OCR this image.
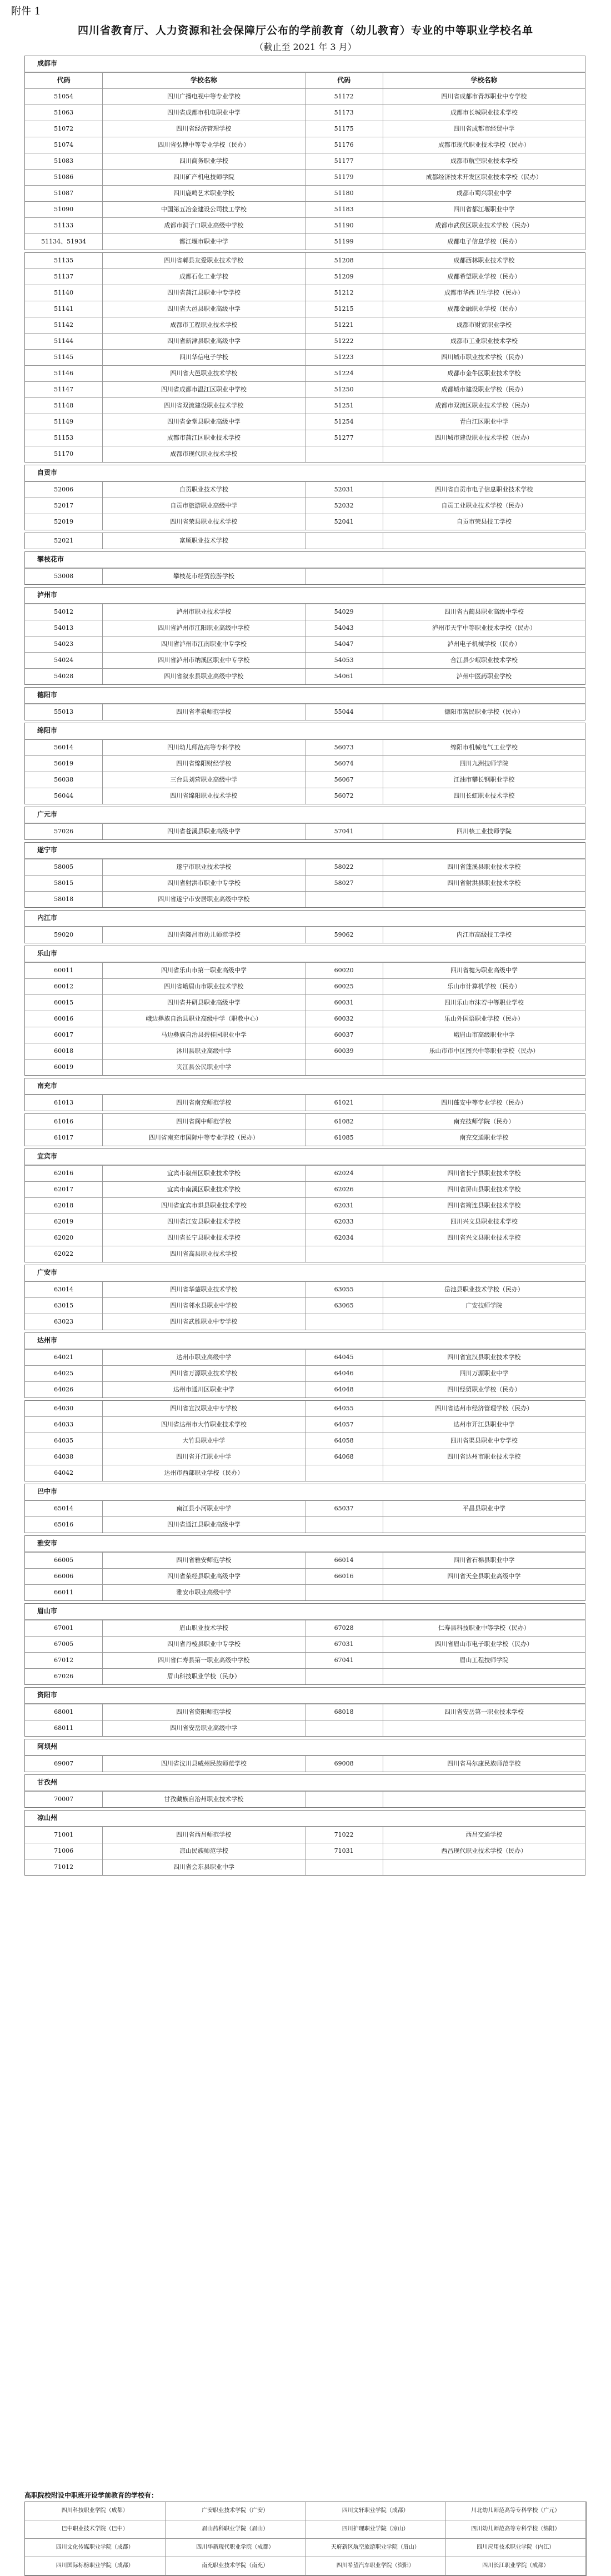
附件 1
四川省教育厅、人力资源和社会保障厅公布的学前教育（幼儿教育）专业的中等职业学校名单
（截止至 2021 年 3 月）
成都市
代码	学校名称	代码	学校名称
51054	四川广播电视中等专业学校	51172	四川省成都市青苏职业中专学校
51063	四川省成都市机电职业中学	51173	成都市长城职业技术学校
51072	四川省经济管理学校	51175	四川省成都市经贸中学
51074	四川省弘博中等专业学校（民办）	51176	成都市现代职业技术学校（民办）
51083	四川商务职业学校	51177	成都市航空职业技术学校
51086	四川矿产机电技师学院	51179	成都经济技术开发区职业技术学校（民办）
51087	四川鹿鸣艺术职业学校	51180	成都市蜀兴职业中学
51090	中国第五冶金建设公司技工学校	51183	四川省都江堰职业中学
51133	成都市洞子口职业高级中学校	51190	成都市武侯区职业技术学校（民办）
51134、51934	都江堰市职业中学	51199	成都电子信息学校（民办）
51135	四川省郫县友爱职业技术学校	51208	成都西林职业技术学校
51137	成都石化工业学校	51209	成都希望职业学校（民办）
51140	四川省蒲江县职业中专学校	51212	成都市华西卫生学校（民办）
51141	四川省大邑县职业高级中学	51215	成都金融职业学校（民办）
51142	成都市工程职业技术学校	51221	成都市财贸职业学校
51144	四川省新津县职业高级中学	51222	成都市工业职业技术学校
51145	四川华信电子学校	51223	四川城市职业技术学校（民办）
51146	四川省大邑职业技术学校	51224	成都市金牛区职业技术学校
51147	四川省成都市温江区职业中学校	51250	成都城市建设职业学校（民办）
51148	四川省双流建设职业技术学校	51251	成都市双流区职业技术学校（民办）
51149	四川省金堂县职业高级中学	51254	青白江区职业中学
51153	成都市蒲江区职业技术学校	51277	四川城市建设职业技术学校（民办）
51170	成都市现代职业技术学校
自贡市
52006	自贡职业技术学校	52031	四川省自贡市电子信息职业技术学校
52017	自贡市旅游职业高级中学	52032	自贡工业职业技术学校（民办）
52019	四川省荣县职业技术学校	52041	自贡市荣县技工学校
52021	富顺职业技术学校
攀枝花市
53008	攀枝花市经贸旅游学校
泸州市
54012	泸州市职业技术学校	54029	四川省古蔺县职业高级中学校
54013	四川省泸州市江阳职业高级中学校	54043	泸州市天宇中等职业技术学校（民办）
54023	四川省泸州市江南职业中专学校	54047	泸州电子机械学校（民办）
54024	四川省泸州市纳溪区职业中专学校	54053	合江县少岷职业技术学校
54028	四川省叙永县职业高级中学校	54061	泸州中医药职业学校
德阳市
55013	四川省孝泉师范学校	55044	德阳市富民职业学校（民办）
绵阳市
56014	四川幼儿师范高等专科学校	56073	绵阳市机械电气工业学校
56019	四川省绵阳财经学校	56074	四川九洲技师学院
56038	三台县刘营职业高级中学	56067	江油市攀长钢职业学校
56044	四川省绵阳职业技术学校	56072	四川长虹职业技术学校
广元市
57026	四川省苍溪县职业高级中学	57041	四川核工业技师学院
遂宁市
58005	遂宁市职业技术学校	58022	四川省蓬溪县职业技术学校
58015	四川省射洪市职业中专学校	58027	四川省射洪县职业技术学校
58018	四川省遂宁市安居职业高级中学校
内江市
59020	四川省隆昌市幼儿师范学校	59062	内江市高级技工学校
乐山市
60011	四川省乐山市第一职业高级中学	60020	四川省犍为职业高级中学
60012	四川省峨眉山市职业技术学校	60025	乐山市计算机学校（民办）
60015	四川省井研县职业高级中学	60031	四川乐山市沫若中等职业学校
60016	峨边彝族自治县职业高级中学（职教中心）	60032	乐山外国语职业学校（民办）
60017	马边彝族自治县碧桂园职业中学	60037	峨眉山市高级职业中学
60018	沐川县职业高级中学	60039	乐山市市中区图兴中等职业学校（民办）
60019	夹江县公民职业中学
南充市
61013	四川省南充师范学校	61021	四川蓬安中等专业学校（民办）
61016	四川省阆中师范学校	61082	南充技师学院（民办）
61017	四川省南充市国际中等专业学校（民办）	61085	南充交通职业学校
宜宾市
62016	宜宾市叙州区职业技术学校	62024	四川省长宁县职业技术学校
62017	宜宾市南溪区职业技术学校	62026	四川省屏山县职业技术学校
62018	四川省宜宾市珙县职业技术学校	62031	四川省筠连县职业技术学校
62019	四川省江安县职业技术学校	62033	四川兴文县职业技术学校
62020	四川省长宁县职业技术学校	62034	四川省兴文县职业技术学校
62022	四川省高县职业技术学校
广安市
63014	四川省华蓥职业技术学校	63055	岳池县职业技术学校（民办）
63015	四川省邻水县职业中学校	63065	广安技师学院
63023	四川省武胜职业中专学校
达州市
64021	达州市职业高级中学	64045	四川省宣汉县职业技术学校
64025	四川省万源职业技术学校	64046	四川万源职业中学
64026	达州市通川区职业中学	64048	四川经贸职业学校（民办）
64030	四川省宣汉职业中专学校	64055	四川省达州市经济管理学校（民办）
64033	四川省达州市大竹职业技术学校	64057	达州市开江县职业中学
64035	大竹县职业中学	64058	四川省渠县职业中专学校
64038	四川省开江职业中学	64068	四川省达州市职业技术学校
64042	达州市西部职业学校（民办）
巴中市
65014	南江县小河职业中学	65037	平昌县职业中学
65016	四川省通江县职业高级中学
雅安市
66005	四川省雅安师范学校	66014	四川省石棉县职业中学
66006	四川省荥经县职业高级中学	66016	四川省天全县职业高级中学
66011	雅安市职业高级中学
眉山市
67001	眉山职业技术学校	67028	仁寿县科技职业中等学校（民办）
67005	四川省丹棱县职业中专学校	67031	四川省眉山市电子职业学校（民办）
67012	四川省仁寿县第一职业高级中学校	67041	眉山工程技师学院
67026	眉山科技职业学校（民办）
资阳市
68001	四川省资阳师范学校	68018	四川省安岳第一职业技术学校
68011	四川省安岳职业高级中学
阿坝州
69007	四川省汶川县威州民族师范学校	69008	四川省马尔康民族师范学校
甘孜州
70007	甘孜藏族自治州职业技术学校
凉山州
71001	四川省西昌师范学校	71022	西昌交通学校
71006	凉山民族师范学校	71031	西昌现代职业技术学校（民办）
71012	四川省会东县职业中学
高职院校附设中职班开设学前教育的学校有：
四川科技职业学院（成都）	广安职业技术学院（广安）	四川文轩职业学院（成都）	川北幼儿师范高等专科学校（广元）
巴中职业技术学院（巴中）	眉山药科职业学院（眉山）	四川护理职业学院（凉山）	四川幼儿师范高等专科学校（绵阳）
四川文化传媒职业学院（成都）	四川华新现代职业学院（成都）	天府新区航空旅游职业学院（眉山）	四川应用技术职业学院（内江）
四川国际标榜职业学院（成都）	南充职业技术学院（南充）	四川希望汽车职业学院（资阳）	四川长江职业学院（成都）
